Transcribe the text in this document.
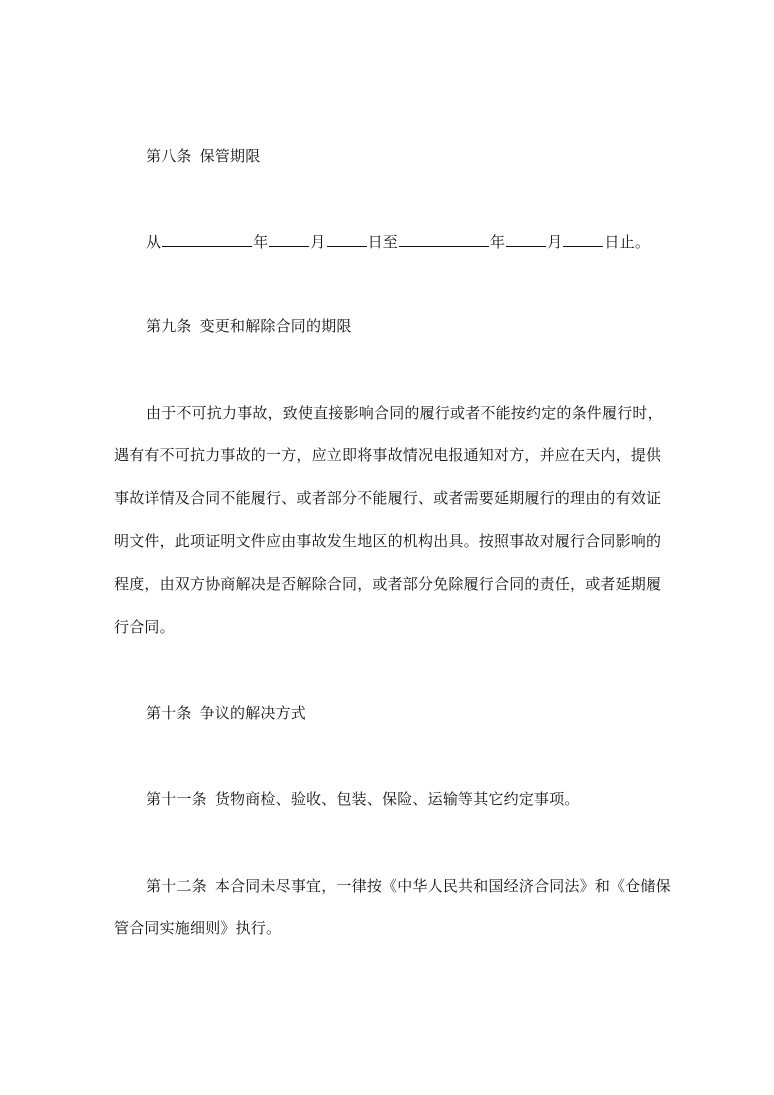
第八条 保管期限
从	年	月	日至	年	月	日止。
第九条 变更和解除合同的期限
由于不可抗力事故，致使直接影响合同的履行或者不能按约定的条件履行时，
遇有有不可抗力事故的一方，应立即将事故情况电报通知对方，并应在天内，提供
事故详情及合同不能履行、或者部分不能履行、或者需要延期履行的理由的有效证
明文件，此项证明文件应由事故发生地区的机构出具。按照事故对履行合同影响的
程度，由双方协商解决是否解除合同，或者部分免除履行合同的责任，或者延期履
行合同。
第十条 争议的解决方式
第十一条 货物商检、验收、包装、保险、运输等其它约定事项。
第十二条 本合同未尽事宜，一律按《中华人民共和国经济合同法》和《仓储保
管合同实施细则》执行。
